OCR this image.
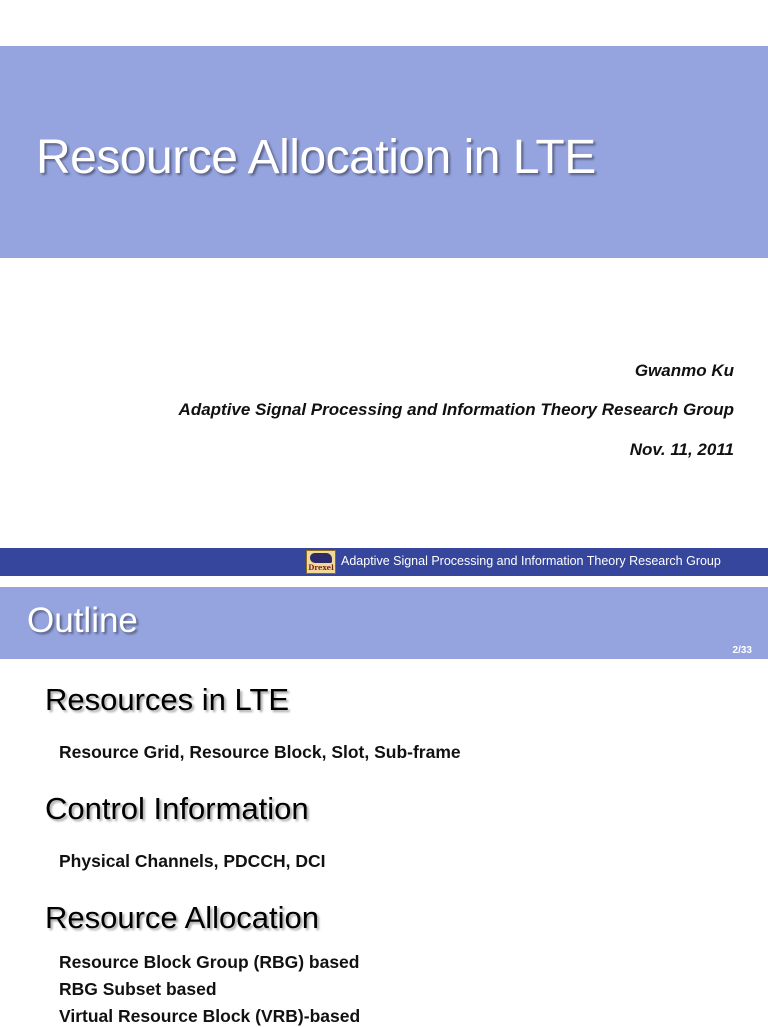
Resource Allocation in LTE

Gwanmo Ku

Adaptive Signal Processing and Information Theory Research Group

Nov. 11, 2011

Drexel Adaptive Signal Processing and Information Theory Research Group
Outline
2/33
Resources in LTE
Resource Grid, Resource Block, Slot, Sub-frame
Control Information
Physical Channels, PDCCH, DCI
Resource Allocation
Resource Block Group (RBG) based
RBG Subset based
Virtual Resource Block (VRB)-based
